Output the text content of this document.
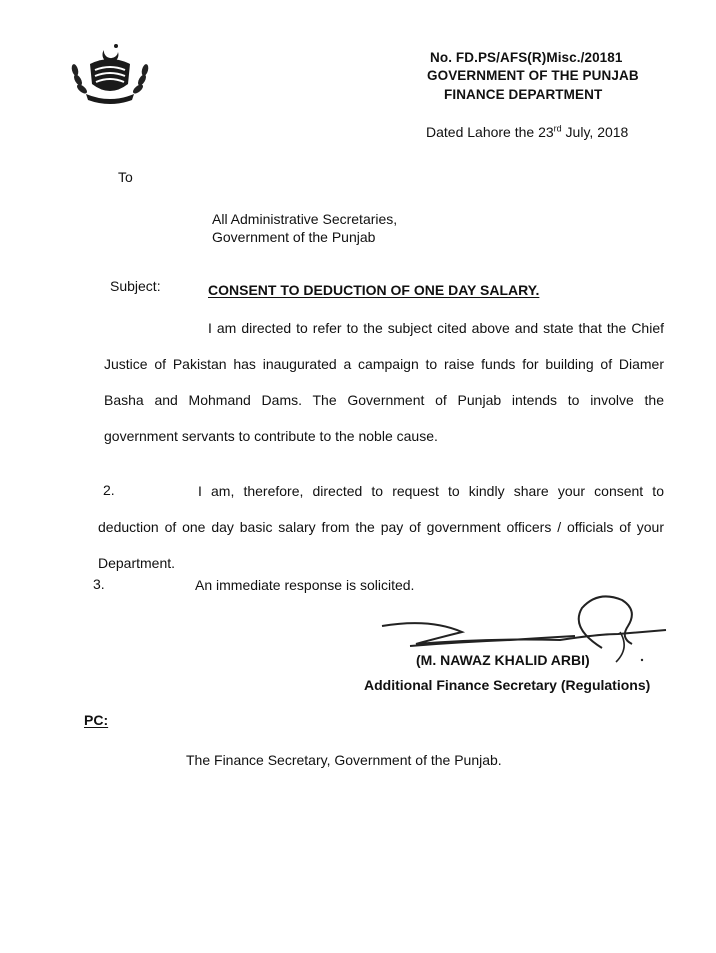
No. FD.PS/AFS(R)Misc./20181
GOVERNMENT OF THE PUNJAB
FINANCE DEPARTMENT
Dated Lahore the 23rd July, 2018
To
All Administrative Secretaries,
Government of the Punjab
Subject:	CONSENT TO DEDUCTION OF ONE DAY SALARY.
I am directed to refer to the subject cited above and state that the Chief Justice of Pakistan has inaugurated a campaign to raise funds for building of Diamer Basha and Mohmand Dams. The Government of Punjab intends to involve the government servants to contribute to the noble cause.
2.	I am, therefore, directed to request to kindly share your consent to deduction of one day basic salary from the pay of government officers / officials of your Department.
3.	An immediate response is solicited.
(M. NAWAZ KHALID ARBI)
Additional Finance Secretary (Regulations)
PC:
The Finance Secretary, Government of the Punjab.
